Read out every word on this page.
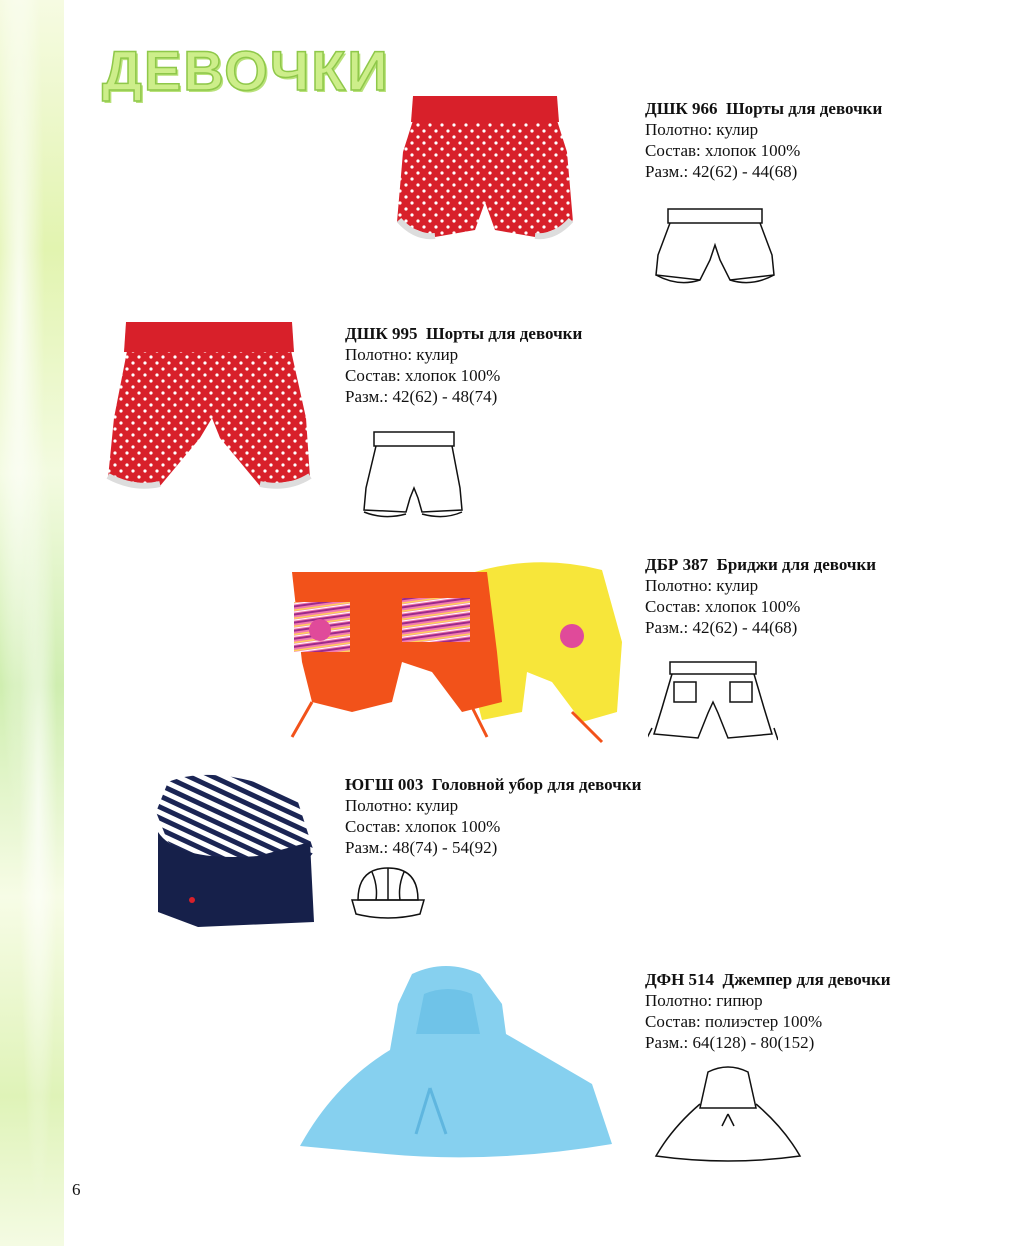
ДЕВОЧКИ
ДШК 966 Шорты для девочки
Полотно: кулир
Состав: хлопок 100%
Разм.: 42(62) - 44(68)
ДШК 995 Шорты для девочки
Полотно: кулир
Состав: хлопок 100%
Разм.: 42(62) - 48(74)
ДБР 387 Бриджи для девочки
Полотно: кулир
Состав: хлопок 100%
Разм.: 42(62) - 44(68)
ЮГШ 003 Головной убор для девочки
Полотно: кулир
Состав: хлопок 100%
Разм.: 48(74) - 54(92)
ДФН 514 Джемпер для девочки
Полотно: гипюр
Состав: полиэстер 100%
Разм.: 64(128) - 80(152)
6
